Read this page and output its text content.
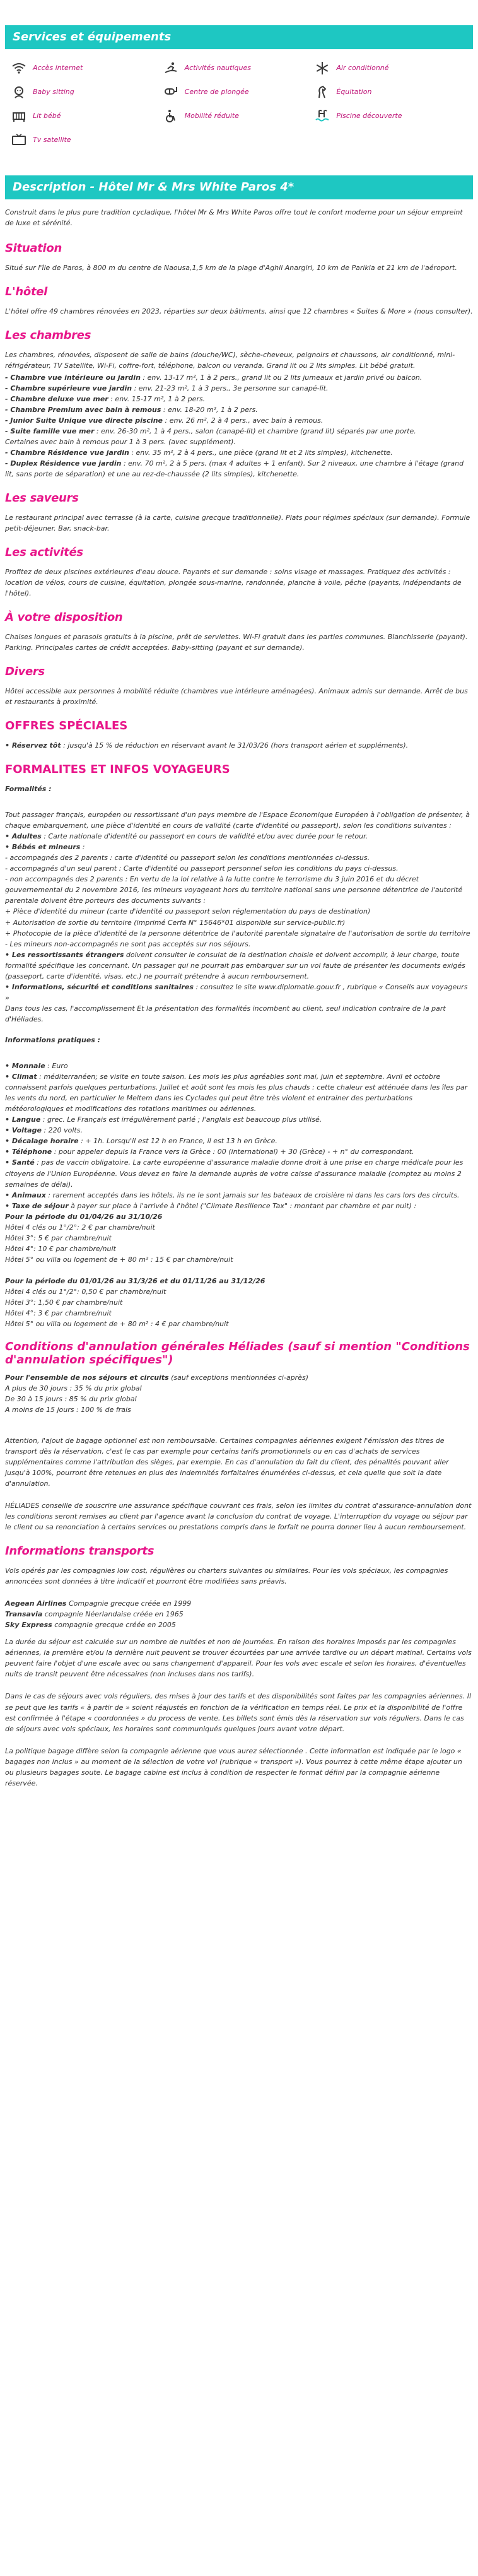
Services et équipements
Accès internet	Activités nautiques	Air conditionné
Baby sitting	Centre de plongée	Équitation
Lit bébé	Mobilité réduite	Piscine découverte
Tv satellite
Description - Hôtel Mr & Mrs White Paros 4*

Construit dans le plus pure tradition cycladique, l'hôtel Mr & Mrs White Paros offre tout le confort moderne pour un séjour empreint de luxe et sérénité.

Situation

Situé sur l'île de Paros, à 800 m du centre de Naousa,1,5 km de la plage d'Aghii Anargiri, 10 km de Parikia et 21 km de l'aéroport.

L'hôtel

L'hôtel offre 49 chambres rénovées en 2023, réparties sur deux bâtiments, ainsi que 12 chambres « Suites & More » (nous consulter).

Les chambres

Les chambres, rénovées, disposent de salle de bains (douche/WC), sèche-cheveux, peignoirs et chaussons, air conditionné, mini-réfrigérateur, TV Satellite, Wi-Fi, coffre-fort, téléphone, balcon ou veranda. Grand lit ou 2 lits simples. Lit bébé gratuit.

- Chambre vue intérieure ou jardin : env. 13-17 m², 1 à 2 pers., grand lit ou 2 lits jumeaux et jardin privé ou balcon.
- Chambre supérieure vue jardin : env. 21-23 m², 1 à 3 pers., 3e personne sur canapé-lit.
- Chambre deluxe vue mer : env. 15-17 m², 1 à 2 pers.
- Chambre Premium avec bain à remous : env. 18-20 m², 1 à 2 pers.
- Junior Suite Unique vue directe piscine : env. 26 m², 2 à 4 pers., avec bain à remous.
- Suite famille vue mer : env. 26-30 m², 1 à 4 pers., salon (canapé-lit) et chambre (grand lit) séparés par une porte.
Certaines avec bain à remous pour 1 à 3 pers. (avec supplément).
- Chambre Résidence vue jardin : env. 35 m², 2 à 4 pers., une pièce (grand lit et 2 lits simples), kitchenette.
- Duplex Résidence vue jardin : env. 70 m², 2 à 5 pers. (max 4 adultes + 1 enfant). Sur 2 niveaux, une chambre à l'étage (grand lit, sans porte de séparation) et une au rez-de-chaussée (2 lits simples), kitchenette.
Les saveurs

Le restaurant principal avec terrasse (à la carte, cuisine grecque traditionnelle). Plats pour régimes spéciaux (sur demande). Formule petit-déjeuner. Bar, snack-bar.

Les activités

Profitez de deux piscines extérieures d'eau douce. Payants et sur demande : soins visage et massages. Pratiquez des activités : location de vélos, cours de cuisine, équitation, plongée sous-marine, randonnée, planche à voile, pêche (payants, indépendants de l'hôtel).

À votre disposition

Chaises longues et parasols gratuits à la piscine, prêt de serviettes. Wi-Fi gratuit dans les parties communes. Blanchisserie (payant). Parking. Principales cartes de crédit acceptées. Baby-sitting (payant et sur demande).

Divers

Hôtel accessible aux personnes à mobilité réduite (chambres vue intérieure aménagées). Animaux admis sur demande. Arrêt de bus et restaurants à proximité.

OFFRES SPÉCIALES

• Réservez tôt : jusqu'à 15 % de réduction en réservant avant le 31/03/26 (hors transport aérien et suppléments).

FORMALITES ET INFOS VOYAGEURS

Formalités :

Tout passager français, européen ou ressortissant d'un pays membre de l'Espace Économique Européen à l'obligation de présenter, à chaque embarquement, une pièce d'identité en cours de validité (carte d'identité ou passeport), selon les conditions suivantes :
• Adultes : Carte nationale d'identité ou passeport en cours de validité et/ou avec durée pour le retour.
• Bébés et mineurs :
- accompagnés des 2 parents : carte d'identité ou passeport selon les conditions mentionnées ci-dessus.
- accompagnés d'un seul parent : Carte d'identité ou passeport personnel selon les conditions du pays ci-dessus.
- non accompagnés des 2 parents : En vertu de la loi relative à la lutte contre le terrorisme du 3 juin 2016 et du décret gouvernemental du 2 novembre 2016, les mineurs voyageant hors du territoire national sans une personne détentrice de l'autorité parentale doivent être porteurs des documents suivants :
+ Pièce d'identité du mineur (carte d'identité ou passeport selon réglementation du pays de destination)
+ Autorisation de sortie du territoire (imprimé Cerfa N° 15646*01 disponible sur service-public.fr)
+ Photocopie de la pièce d'identité de la personne détentrice de l'autorité parentale signataire de l'autorisation de sortie du territoire
- Les mineurs non-accompagnés ne sont pas acceptés sur nos séjours.
• Les ressortissants étrangers doivent consulter le consulat de la destination choisie et doivent accomplir, à leur charge, toute formalité spécifique les concernant. Un passager qui ne pourrait pas embarquer sur un vol faute de présenter les documents exigés (passeport, carte d'identité, visas, etc.) ne pourrait prétendre à aucun remboursement.
• Informations, sécurité et conditions sanitaires : consultez le site www.diplomatie.gouv.fr , rubrique « Conseils aux voyageurs »
Dans tous les cas, l'accomplissement Et la présentation des formalités incombent au client, seul indication contraire de la part d'Héliades.

Informations pratiques :

• Monnaie : Euro
• Climat : méditerranéen; se visite en toute saison. Les mois les plus agréables sont mai, juin et septembre. Avril et octobre connaissent parfois quelques perturbations. Juillet et août sont les mois les plus chauds : cette chaleur est atténuée dans les îles par les vents du nord, en particulier le Meltem dans les Cyclades qui peut être très violent et entrainer des perturbations météorologiques et modifications des rotations maritimes ou aériennes.
• Langue : grec. Le Français est irrégulièrement parlé ; l'anglais est beaucoup plus utilisé.
• Voltage : 220 volts.
• Décalage horaire : + 1h. Lorsqu'il est 12 h en France, il est 13 h en Grèce.
• Téléphone : pour appeler depuis la France vers la Grèce : 00 (international) + 30 (Grèce) - + n° du correspondant.
• Santé : pas de vaccin obligatoire. La carte européenne d'assurance maladie donne droit à une prise en charge médicale pour les citoyens de l'Union Européenne. Vous devez en faire la demande auprès de votre caisse d'assurance maladie (comptez au moins 2 semaines de délai).
• Animaux : rarement acceptés dans les hôtels, ils ne le sont jamais sur les bateaux de croisière ni dans les cars lors des circuits.
• Taxe de séjour à payer sur place à l'arrivée à l'hôtel ("Climate Resilience Tax" : montant par chambre et par nuit) :
Pour la période du 01/04/26 au 31/10/26
Hôtel 4 clés ou 1°/2°: 2 € par chambre/nuit
Hôtel 3°: 5 € par chambre/nuit
Hôtel 4°: 10 € par chambre/nuit
Hôtel 5° ou villa ou logement de + 80 m² : 15 € par chambre/nuit

Pour la période du 01/01/26 au 31/3/26 et du 01/11/26 au 31/12/26
Hôtel 4 clés ou 1°/2°: 0,50 € par chambre/nuit
Hôtel 3°: 1,50 € par chambre/nuit
Hôtel 4°: 3 € par chambre/nuit
Hôtel 5° ou villa ou logement de + 80 m² : 4 € par chambre/nuit
Conditions d'annulation générales Héliades (sauf si mention "Conditions d'annulation spécifiques")
Pour l'ensemble de nos séjours et circuits (sauf exceptions mentionnées ci-après)
A plus de 30 jours : 35 % du prix global
De 30 à 15 jours : 85 % du prix global
A moins de 15 jours : 100 % de frais

Attention, l'ajout de bagage optionnel est non remboursable. Certaines compagnies aériennes exigent l'émission des titres de transport dès la réservation, c'est le cas par exemple pour certains tarifs promotionnels ou en cas d'achats de services supplémentaires comme l'attribution des sièges, par exemple. En cas d'annulation du fait du client, des pénalités pouvant aller jusqu'à 100%, pourront être retenues en plus des indemnités forfaitaires énumérées ci-dessus, et cela quelle que soit la date d'annulation.

HÉLIADES conseille de souscrire une assurance spécifique couvrant ces frais, selon les limites du contrat d'assurance-annulation dont les conditions seront remises au client par l'agence avant la conclusion du contrat de voyage. L'interruption du voyage ou séjour par le client ou sa renonciation à certains services ou prestations compris dans le forfait ne pourra donner lieu à aucun remboursement.

Informations transports

Vols opérés par les compagnies low cost, régulières ou charters suivantes ou similaires. Pour les vols spéciaux, les compagnies annoncées sont données à titre indicatif et pourront être modifiées sans préavis.

Aegean Airlines Compagnie grecque créée en 1999
Transavia compagnie Néerlandaise créée en 1965
Sky Express compagnie grecque créée en 2005

La durée du séjour est calculée sur un nombre de nuitées et non de journées. En raison des horaires imposés par les compagnies aériennes, la première et/ou la dernière nuit peuvent se trouver écourtées par une arrivée tardive ou un départ matinal. Certains vols peuvent faire l'objet d'une escale avec ou sans changement d'appareil. Pour les vols avec escale et selon les horaires, d'éventuelles nuits de transit peuvent être nécessaires (non incluses dans nos tarifs).

Dans le cas de séjours avec vols réguliers, des mises à jour des tarifs et des disponibilités sont faites par les compagnies aériennes. Il se peut que les tarifs « à partir de » soient réajustés en fonction de la vérification en temps réel. Le prix et la disponibilité de l'offre est confirmée à l'étape « coordonnées » du process de vente. Les billets sont émis dès la réservation sur vols réguliers. Dans le cas de séjours avec vols spéciaux, les horaires sont communiqués quelques jours avant votre départ.

La politique bagage diffère selon la compagnie aérienne que vous aurez sélectionnée . Cette information est indiquée par le logo « bagages non inclus » au moment de la sélection de votre vol (rubrique « transport »). Vous pourrez à cette même étape ajouter un ou plusieurs bagages soute. Le bagage cabine est inclus à condition de respecter le format défini par la compagnie aérienne réservée.
